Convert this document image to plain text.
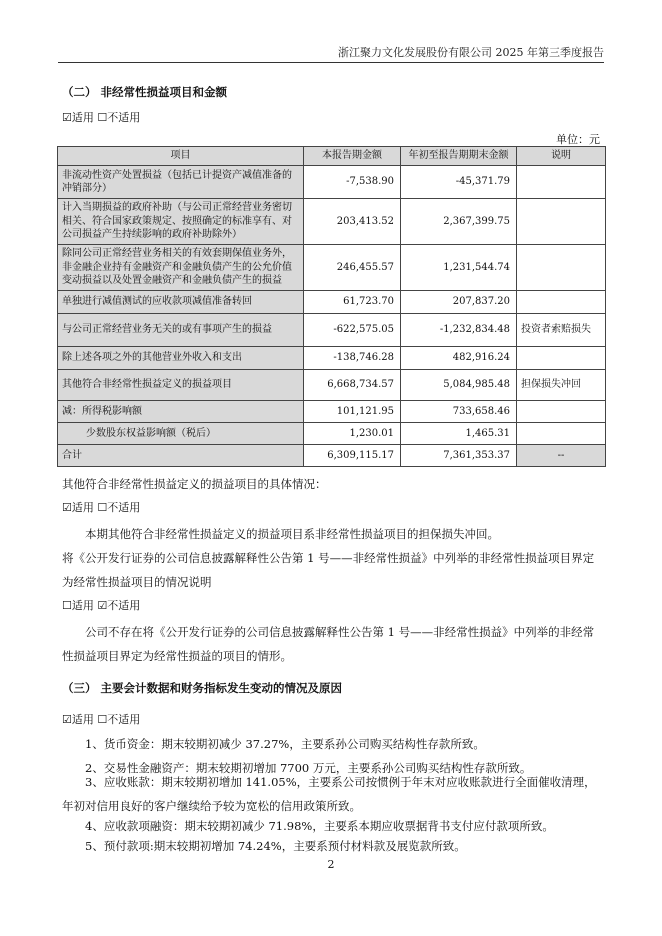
浙江聚力文化发展股份有限公司 2025 年第三季度报告
（二） 非经常性损益项目和金额
☑适用 ☐不适用
单位：元
项目	本报告期金额	年初至报告期期末金额	说明
非流动性资产处置损益（包括已计提资产减值准备的冲销部分）	-7,538.90	-45,371.79	
计入当期损益的政府补助（与公司正常经营业务密切相关、符合国家政策规定、按照确定的标准享有、对公司损益产生持续影响的政府补助除外）	203,413.52	2,367,399.75	
除同公司正常经营业务相关的有效套期保值业务外，非金融企业持有金融资产和金融负债产生的公允价值变动损益以及处置金融资产和金融负债产生的损益	246,455.57	1,231,544.74	
单独进行减值测试的应收款项减值准备转回	61,723.70	207,837.20	
与公司正常经营业务无关的或有事项产生的损益	-622,575.05	-1,232,834.48	投资者索赔损失
除上述各项之外的其他营业外收入和支出	-138,746.28	482,916.24	
其他符合非经常性损益定义的损益项目	6,668,734.57	5,084,985.48	担保损失冲回
减：所得税影响额	101,121.95	733,658.46	
少数股东权益影响额（税后）	1,230.01	1,465.31	
合计	6,309,115.17	7,361,353.37	--
其他符合非经常性损益定义的损益项目的具体情况：
☑适用 ☐不适用
本期其他符合非经常性损益定义的损益项目系非经常性损益项目的担保损失冲回。
将《公开发行证券的公司信息披露解释性公告第 1 号——非经常性损益》中列举的非经常性损益项目界定为经常性损益项目的情况说明
☐适用 ☑不适用
公司不存在将《公开发行证券的公司信息披露解释性公告第 1 号——非经常性损益》中列举的非经常性损益项目界定为经常性损益的项目的情形。
（三） 主要会计数据和财务指标发生变动的情况及原因
☑适用 ☐不适用
1、货币资金：期末较期初减少 37.27%，主要系孙公司购买结构性存款所致。
2、交易性金融资产：期末较期初增加 7700 万元，主要系孙公司购买结构性存款所致。
3、应收账款：期末较期初增加 141.05%，主要系公司按惯例于年末对应收账款进行全面催收清理，年初对信用良好的客户继续给予较为宽松的信用政策所致。
4、应收款项融资：期末较期初减少 71.98%，主要系本期应收票据背书支付应付款项所致。
5、预付款项:期末较期初增加 74.24%，主要系预付材料款及展览款所致。
2
